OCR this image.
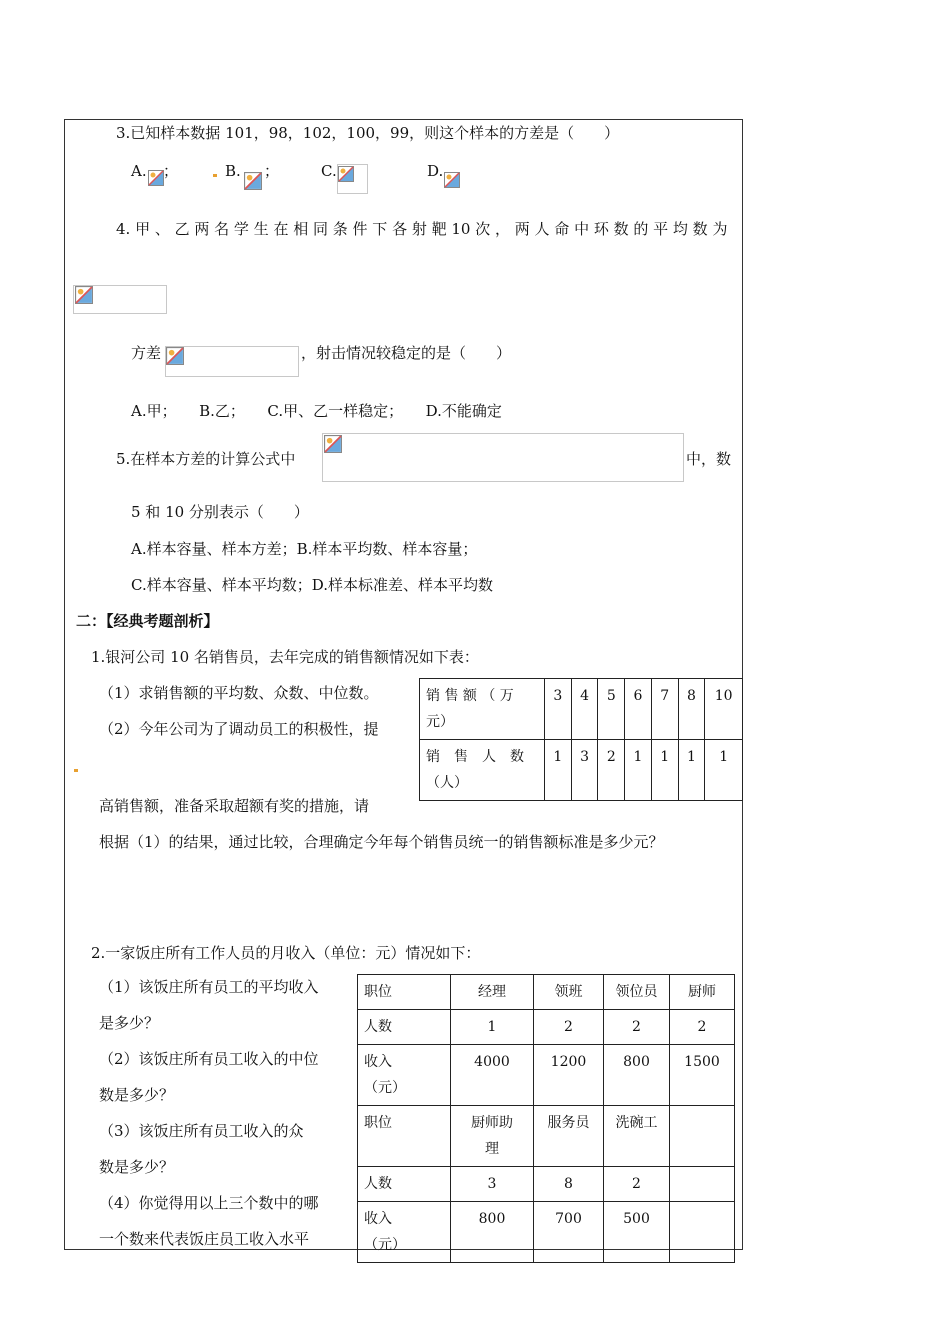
3.已知样本数据 101，98，102，100，99，则这个样本的方差是（　　）
A. ；	B. ；	C.	D.
4. 甲 、 乙 两 名 学 生 在 相 同 条 件 下 各 射 靶 10 次 ， 两 人 命 中 环 数 的 平 均 数 为
方差	，射击情况较稳定的是（　　）
A.甲；　　B.乙；　　C.甲、乙一样稳定；　　D.不能确定
5.在样本方差的计算公式中	中，数
5 和 10 分别表示（　　）
A.样本容量、样本方差；B.样本平均数、样本容量；
C.样本容量、样本平均数；D.样本标准差、样本平均数
二：【经典考题剖析】
1.银河公司 10 名销售员，去年完成的销售额情况如下表：
（1）求销售额的平均数、众数、中位数。
（2）今年公司为了调动员工的积极性，提
高销售额，准备采取超额有奖的措施，请
根据（1）的结果，通过比较，合理确定今年每个销售员统一的销售额标准是多少元？
销 售 额 （ 万
元）	3	4	5	6	7	8	10
销　售　人　数
（人）	1	3	2	1	1	1	1
2.一家饭庄所有工作人员的月收入（单位：元）情况如下：
（1）该饭庄所有员工的平均收入
是多少？
（2）该饭庄所有员工收入的中位
数是多少？
（3）该饭庄所有员工收入的众
数是多少？
（4）你觉得用以上三个数中的哪
一个数来代表饭庄员工收入水平
职位	经理	领班	领位员	厨师
人数	1	2	2	2
收入
（元）	4000	1200	800	1500
职位	厨师助
理	服务员	洗碗工	
人数	3	8	2	
收入
（元）	800	700	500	
